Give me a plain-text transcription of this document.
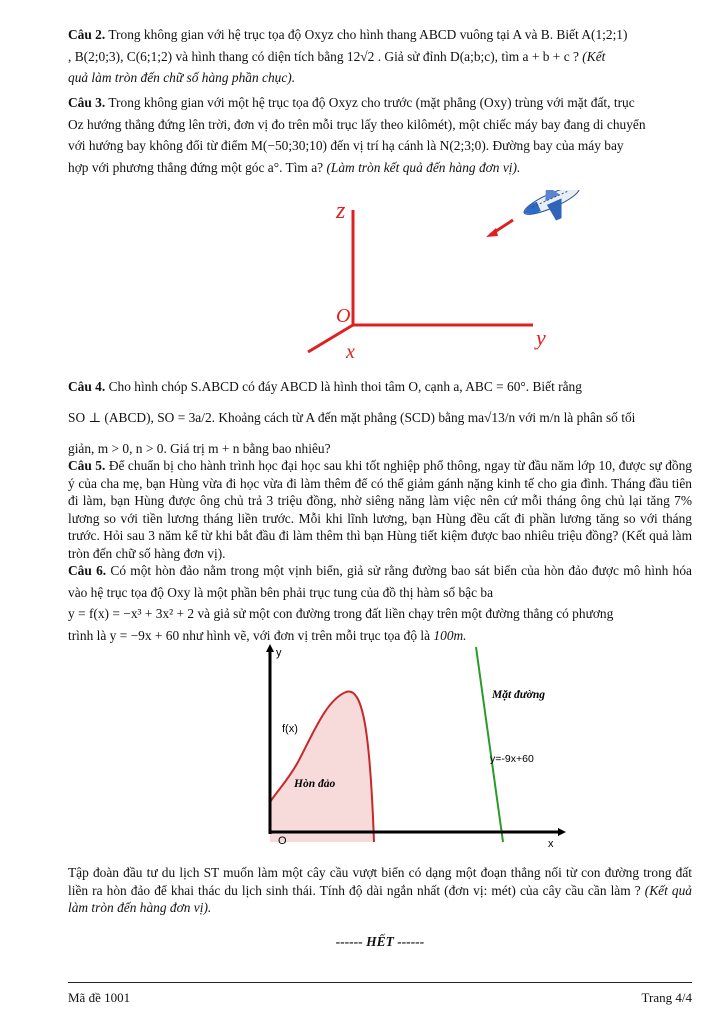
Câu 2. Trong không gian với hệ trục tọa độ Oxyz cho hình thang ABCD vuông tại A và B. Biết A(1;2;1)

, B(2;0;3), C(6;1;2) và hình thang có diện tích bằng 12√2 . Giả sử đỉnh D(a;b;c), tìm a + b + c ? (Kết

quả làm tròn đến chữ số hàng phần chục).

Câu 3. Trong không gian với một hệ trục tọa độ Oxyz cho trước (mặt phẳng (Oxy) trùng với mặt đất, trục

Oz hướng thẳng đứng lên trời, đơn vị đo trên mỗi trục lấy theo kilômét), một chiếc máy bay đang di chuyển

với hướng bay không đổi từ điểm M(−50;30;10) đến vị trí hạ cánh là N(2;3;0). Đường bay của máy bay

hợp với phương thẳng đứng một góc a°. Tìm a? (Làm tròn kết quả đến hàng đơn vị).

z
O
x
y

Câu 4. Cho hình chóp S.ABCD có đáy ABCD là hình thoi tâm O, cạnh a, ABC = 60°. Biết rằng

SO ⊥ (ABCD), SO = 3a/2. Khoảng cách từ A đến mặt phẳng (SCD) bằng ma√13/n với m/n là phân số tối

giản, m > 0, n > 0. Giá trị m + n bằng bao nhiêu?

Câu 5. Để chuẩn bị cho hành trình học đại học sau khi tốt nghiệp phổ thông, ngay từ đầu năm lớp 10, được sự đồng ý của cha mẹ, bạn Hùng vừa đi học vừa đi làm thêm để có thể giảm gánh nặng kinh tế cho gia đình. Tháng đầu tiên đi làm, bạn Hùng được ông chủ trả 3 triệu đồng, nhờ siêng năng làm việc nên cứ mỗi tháng ông chủ lại tăng 7% lương so với tiền lương tháng liền trước. Mỗi khi lĩnh lương, bạn Hùng đều cất đi phần lương tăng so với tháng trước. Hỏi sau 3 năm kể từ khi bắt đầu đi làm thêm thì bạn Hùng tiết kiệm được bao nhiêu triệu đồng? (Kết quả làm tròn đến chữ số hàng đơn vị).

Câu 6. Có một hòn đảo nằm trong một vịnh biển, giả sử rằng đường bao sát biển của hòn đảo được mô hình hóa vào hệ trục tọa độ Oxy là một phần bên phải trục tung của đồ thị hàm số bậc ba

y = f(x) = −x³ + 3x² + 2 và giả sử một con đường trong đất liền chạy trên một đường thẳng có phương

trình là y = −9x + 60 như hình vẽ, với đơn vị trên mỗi trục tọa độ là 100m.

y
x
O
f(x)
Hòn đảo
Mặt đường
y=-9x+60

Tập đoàn đầu tư du lịch ST muốn làm một cây cầu vượt biển có dạng một đoạn thẳng nối từ con đường trong đất liền ra hòn đảo để khai thác du lịch sinh thái. Tính độ dài ngắn nhất (đơn vị: mét) của cây cầu cần làm ? (Kết quả làm tròn đến hàng đơn vị).

------ HẾT ------
Mã đề 1001	Trang 4/4
